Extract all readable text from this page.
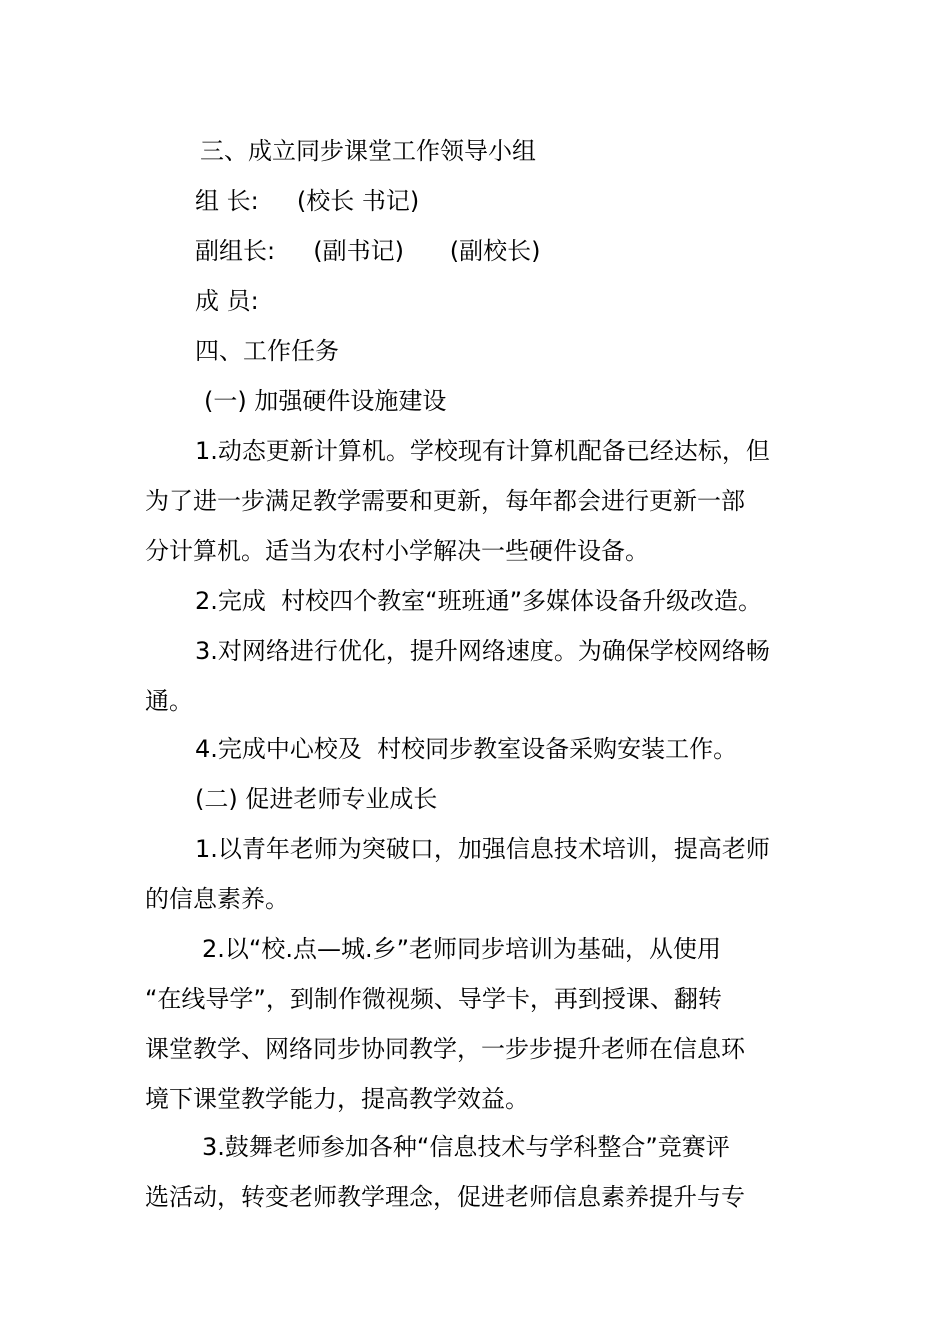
三、成立同步课堂工作领导小组
组 长:     (校长 书记)
副组长:     (副书记)      (副校长)
成 员:
四、工作任务
(一) 加强硬件设施建设
1.动态更新计算机。学校现有计算机配备已经达标，但
为了进一步满足教学需要和更新，每年都会进行更新一部
分计算机。适当为农村小学解决一些硬件设备。
2.完成  村校四个教室“班班通”多媒体设备升级改造。
3.对网络进行优化，提升网络速度。为确保学校网络畅
通。
4.完成中心校及  村校同步教室设备采购安装工作。
(二) 促进老师专业成长
1.以青年老师为突破口，加强信息技术培训，提高老师
的信息素养。
2.以“校.点—城.乡”老师同步培训为基础，从使用
“在线导学”，到制作微视频、导学卡，再到授课、翻转
课堂教学、网络同步协同教学，一步步提升老师在信息环
境下课堂教学能力，提高教学效益。
3.鼓舞老师参加各种“信息技术与学科整合”竞赛评
选活动，转变老师教学理念，促进老师信息素养提升与专
